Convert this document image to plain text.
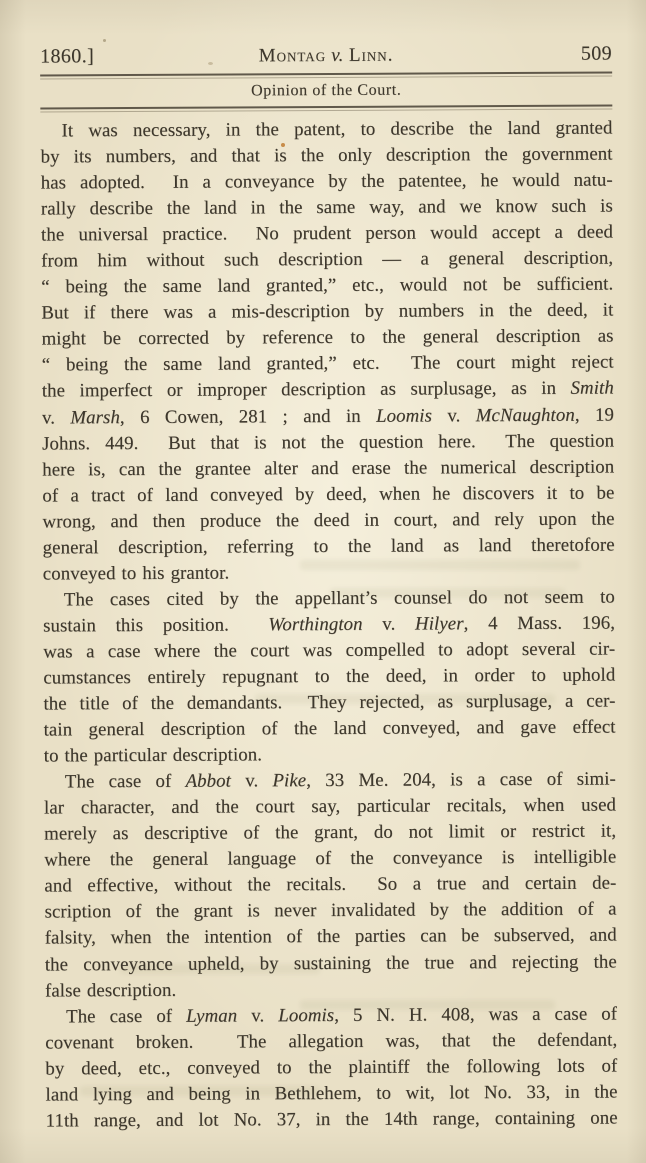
1860.]	Montag v. Linn.	509
Opinion of the Court.
It was necessary, in the patent, to describe the land granted
by its numbers, and that is the only description the government
has adopted.  In a conveyance by the patentee, he would natu-
rally describe the land in the same way, and we know such is
the universal practice.  No prudent person would accept a deed
from him without such description — a general description,
“ being the same land granted,” etc., would not be sufficient.
But if there was a mis-description by numbers in the deed, it
might be corrected by reference to the general description as
“ being the same land granted,” etc.  The court might reject
the imperfect or improper description as surplusage, as in Smith
v. Marsh, 6 Cowen, 281 ; and in Loomis v. McNaughton, 19
Johns. 449.  But that is not the question here.  The question
here is, can the grantee alter and erase the numerical description
of a tract of land conveyed by deed, when he discovers it to be
wrong, and then produce the deed in court, and rely upon the
general description, referring to the land as land theretofore
conveyed to his grantor.
The cases cited by the appellant’s counsel do not seem to
sustain this position.  Worthington v. Hilyer, 4 Mass. 196,
was a case where the court was compelled to adopt several cir-
cumstances entirely repugnant to the deed, in order to uphold
the title of the demandants.  They rejected, as surplusage, a cer-
tain general description of the land conveyed, and gave effect
to the particular description.
The case of Abbot v. Pike, 33 Me. 204, is a case of simi-
lar character, and the court say, particular recitals, when used
merely as descriptive of the grant, do not limit or restrict it,
where the general language of the conveyance is intelligible
and effective, without the recitals.  So a true and certain de-
scription of the grant is never invalidated by the addition of a
falsity, when the intention of the parties can be subserved, and
the conveyance upheld, by sustaining the true and rejecting the
false description.
The case of Lyman v. Loomis, 5 N. H. 408, was a case of
covenant broken.  The allegation was, that the defendant,
by deed, etc., conveyed to the plaintiff the following lots of
land lying and being in Bethlehem, to wit, lot No. 33, in the
11th range, and lot No. 37, in the 14th range, containing one
